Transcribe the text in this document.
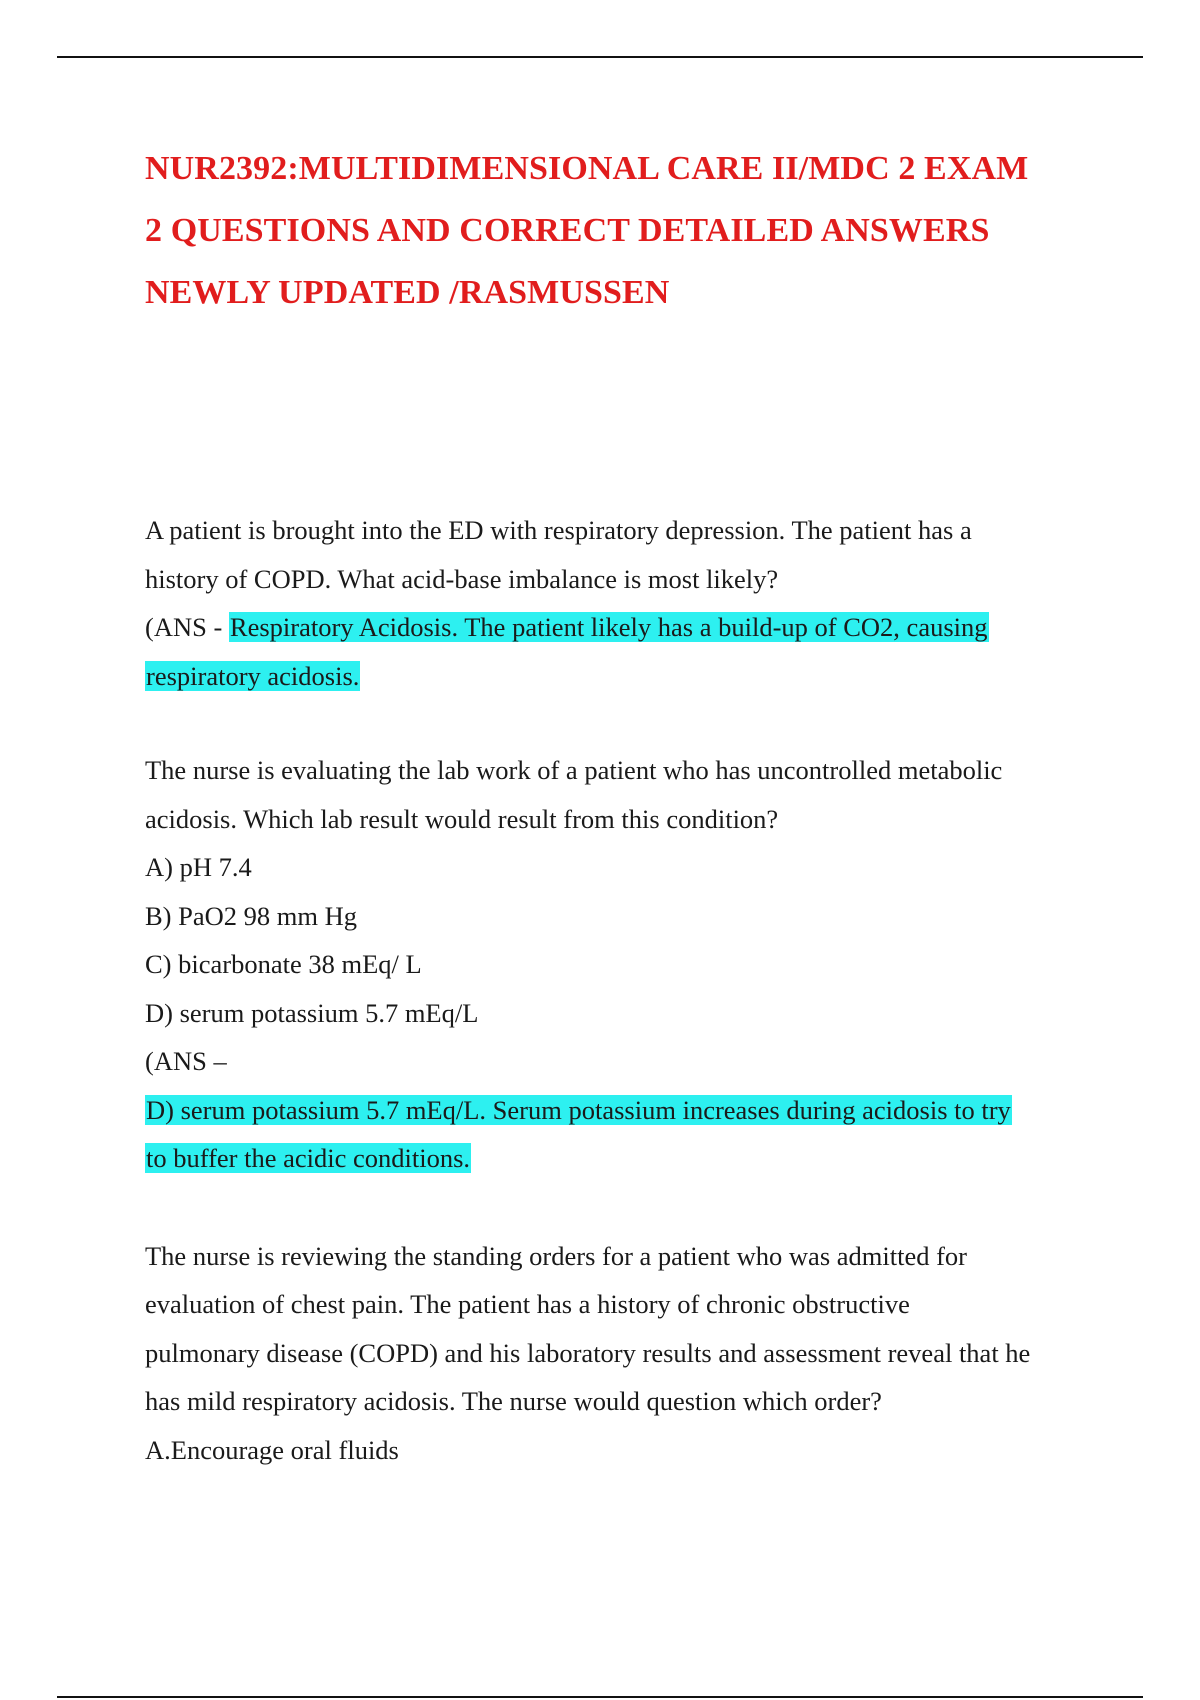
NUR2392:MULTIDIMENSIONAL CARE II/MDC 2 EXAM
2 QUESTIONS AND CORRECT DETAILED ANSWERS
NEWLY UPDATED /RASMUSSEN
A patient is brought into the ED with respiratory depression. The patient has a
history of COPD. What acid-base imbalance is most likely?
(ANS - Respiratory Acidosis. The patient likely has a build-up of CO2, causing
respiratory acidosis.
The nurse is evaluating the lab work of a patient who has uncontrolled metabolic
acidosis. Which lab result would result from this condition?
A) pH 7.4
B) PaO2 98 mm Hg
C) bicarbonate 38 mEq/ L
D) serum potassium 5.7 mEq/L
(ANS –
D) serum potassium 5.7 mEq/L. Serum potassium increases during acidosis to try
to buffer the acidic conditions.
The nurse is reviewing the standing orders for a patient who was admitted for
evaluation of chest pain. The patient has a history of chronic obstructive
pulmonary disease (COPD) and his laboratory results and assessment reveal that he
has mild respiratory acidosis. The nurse would question which order?
A.Encourage oral fluids
